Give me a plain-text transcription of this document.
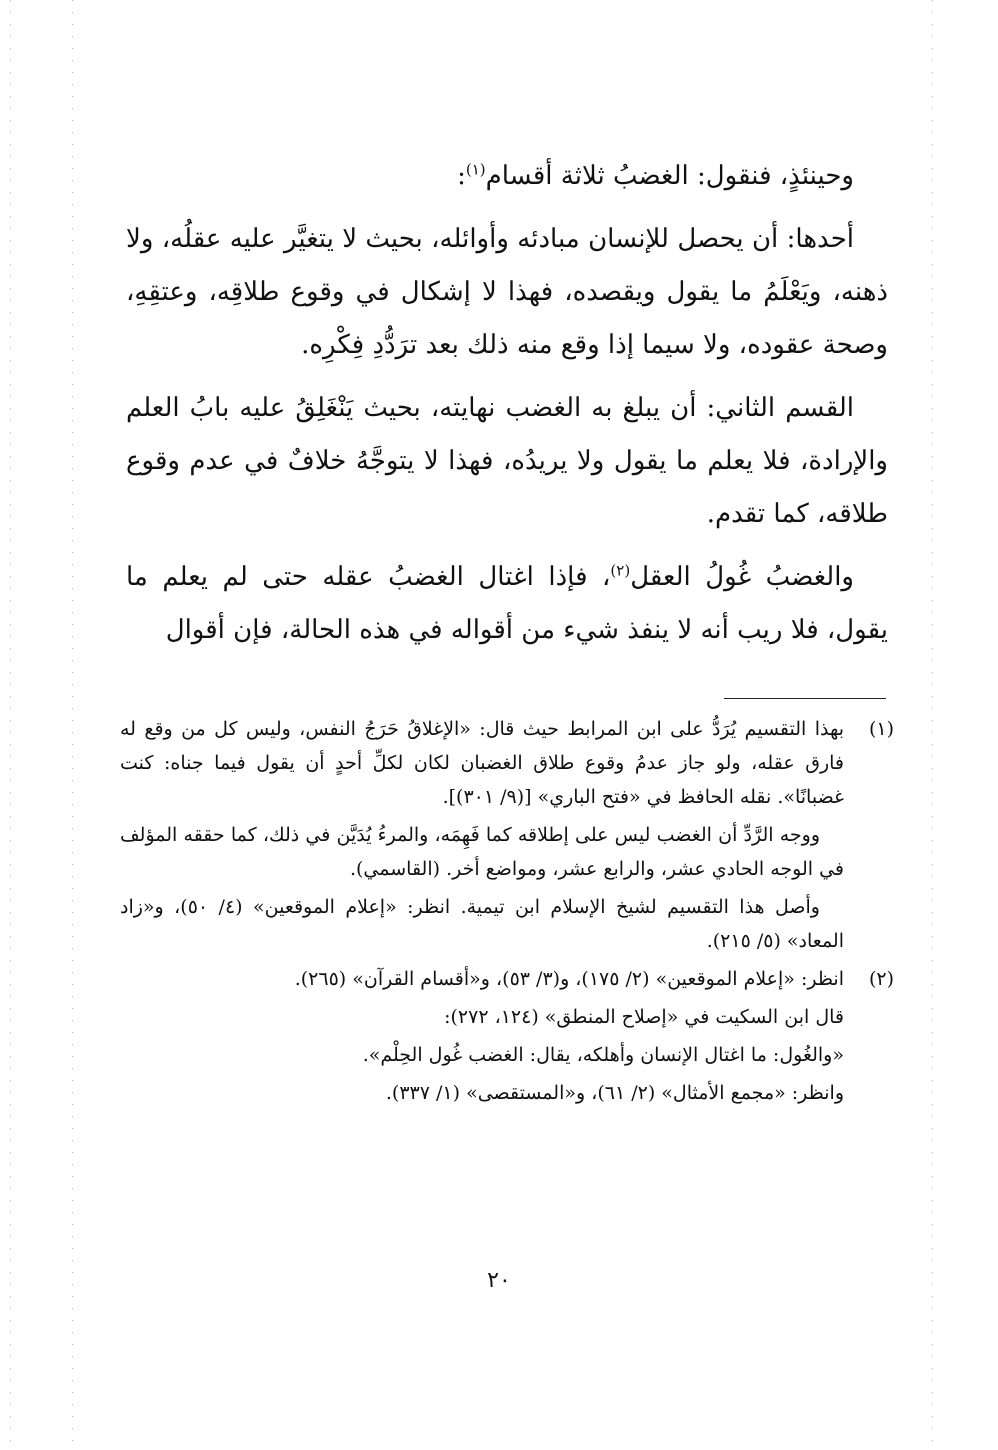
وحينئذٍ، فنقول: الغضبُ ثلاثة أقسام$^{(١)}$:

أحدها: أن يحصل للإنسان مبادئه وأوائله، بحيث لا يتغيَّر عليه عقلُه، ولا ذهنه، ويَعْلَمُ ما يقول ويقصده، فهذا لا إشكال في وقوع طلاقِه، وعتقِهِ، وصحة عقوده، ولا سيما إذا وقع منه ذلك بعد ترَدُّدِ فِكْرِه.

القسم الثاني: أن يبلغ به الغضب نهايته، بحيث يَنْغَلِقُ عليه بابُ العلم والإرادة، فلا يعلم ما يقول ولا يريدُه، فهذا لا يتوجَّهُ خلافٌ في عدم وقوع طلاقه، كما تقدم.

والغضبُ غُولُ العقل$^{(٢)}$، فإذا اغتال الغضبُ عقله حتى لم يعلم ما يقول، فلا ريب أنه لا ينفذ شيء من أقواله في هذه الحالة، فإن أقوال

(١)

بهذا التقسيم يُرَدُّ على ابن المرابط حيث قال: «الإغلاقُ حَرَجُ النفس، وليس كل من وقع له فارق عقله، ولو جاز عدمُ وقوع طلاق الغضبان لكان لكلِّ أحدٍ أن يقول فيما جناه: كنت غضبانًا». نقله الحافظ في «فتح الباري» [(٩/ ٣٠١)].

ووجه الرَّدِّ أن الغضب ليس على إطلاقه كما فَهِمَه، والمرءُ يُدَيَّن في ذلك، كما حققه المؤلف في الوجه الحادي عشر، والرابع عشر، ومواضع أخر. (القاسمي).

وأصل هذا التقسيم لشيخ الإسلام ابن تيمية. انظر: «إعلام الموقعين» (٤/ ٥٠)، و«زاد المعاد» (٥/ ٢١٥).

(٢)

انظر: «إعلام الموقعين» (٢/ ١٧٥)، و(٣/ ٥٣)، و«أقسام القرآن» (٢٦٥).

قال ابن السكيت في «إصلاح المنطق» (١٢٤، ٢٧٢):

«والغُول: ما اغتال الإنسان وأهلكه، يقال: الغضب غُول الحِلْم».

وانظر: «مجمع الأمثال» (٢/ ٦١)، و«المستقصى» (١/ ٣٣٧).

٢٠
